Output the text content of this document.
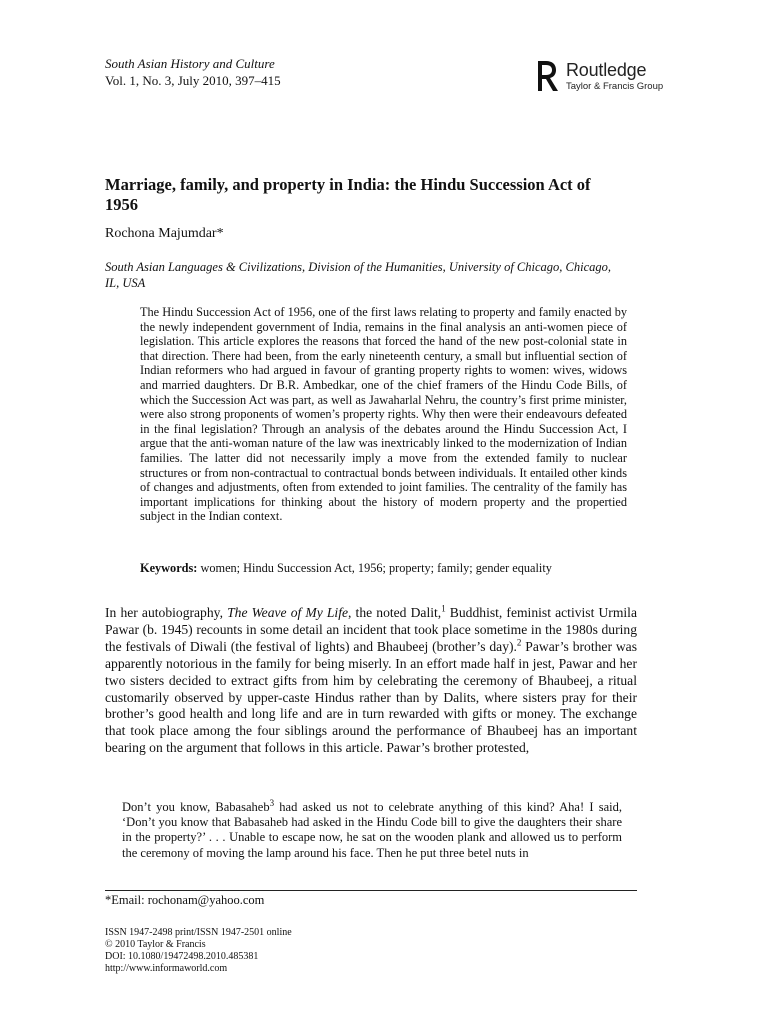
South Asian History and Culture
Vol. 1, No. 3, July 2010, 397–415	ROUTLEDGE Routledge
Taylor & Francis Group
Marriage, family, and property in India: the Hindu Succession Act of 1956
Rochona Majumdar*
South Asian Languages & Civilizations, Division of the Humanities, University of Chicago, Chicago, IL, USA

The Hindu Succession Act of 1956, one of the first laws relating to property and family enacted by the newly independent government of India, remains in the final analysis an anti-women piece of legislation. This article explores the reasons that forced the hand of the new post-colonial state in that direction. There had been, from the early nineteenth century, a small but influential section of Indian reformers who had argued in favour of granting property rights to women: wives, widows and married daughters. Dr B.R. Ambedkar, one of the chief framers of the Hindu Code Bills, of which the Succession Act was part, as well as Jawaharlal Nehru, the country’s first prime minister, were also strong proponents of women’s property rights. Why then were their endeavours defeated in the final legislation? Through an analysis of the debates around the Hindu Succession Act, I argue that the anti-woman nature of the law was inextricably linked to the modernization of Indian families. The latter did not necessarily imply a move from the extended family to nuclear structures or from non-contractual to contractual bonds between individuals. It entailed other kinds of changes and adjustments, often from extended to joint families. The centrality of the family has important implications for thinking about the history of modern property and the propertied subject in the Indian context.

Keywords: women; Hindu Succession Act, 1956; property; family; gender equality

In her autobiography, The Weave of My Life, the noted Dalit,$^1$ Buddhist, feminist activist Urmila Pawar (b. 1945) recounts in some detail an incident that took place sometime in the 1980s during the festivals of Diwali (the festival of lights) and Bhaubeej (brother’s day).$^2$ Pawar’s brother was apparently notorious in the family for being miserly. In an effort made half in jest, Pawar and her two sisters decided to extract gifts from him by celebrating the ceremony of Bhaubeej, a ritual customarily observed by upper-caste Hindus rather than by Dalits, where sisters pray for their brother’s good health and long life and are in turn rewarded with gifts or money. The exchange that took place among the four siblings around the performance of Bhaubeej has an important bearing on the argument that follows in this article. Pawar’s brother protested,

Don’t you know, Babasaheb$^3$ had asked us not to celebrate anything of this kind? Aha! I said, ‘Don’t you know that Babasaheb had asked in the Hindu Code bill to give the daughters their share in the property?’ . . . Unable to escape now, he sat on the wooden plank and allowed us to perform the ceremony of moving the lamp around his face. Then he put three betel nuts in

*Email: rochonam@yahoo.com
ISSN 1947-2498 print/ISSN 1947-2501 online
© 2010 Taylor & Francis
DOI: 10.1080/19472498.2010.485381
http://www.informaworld.com
